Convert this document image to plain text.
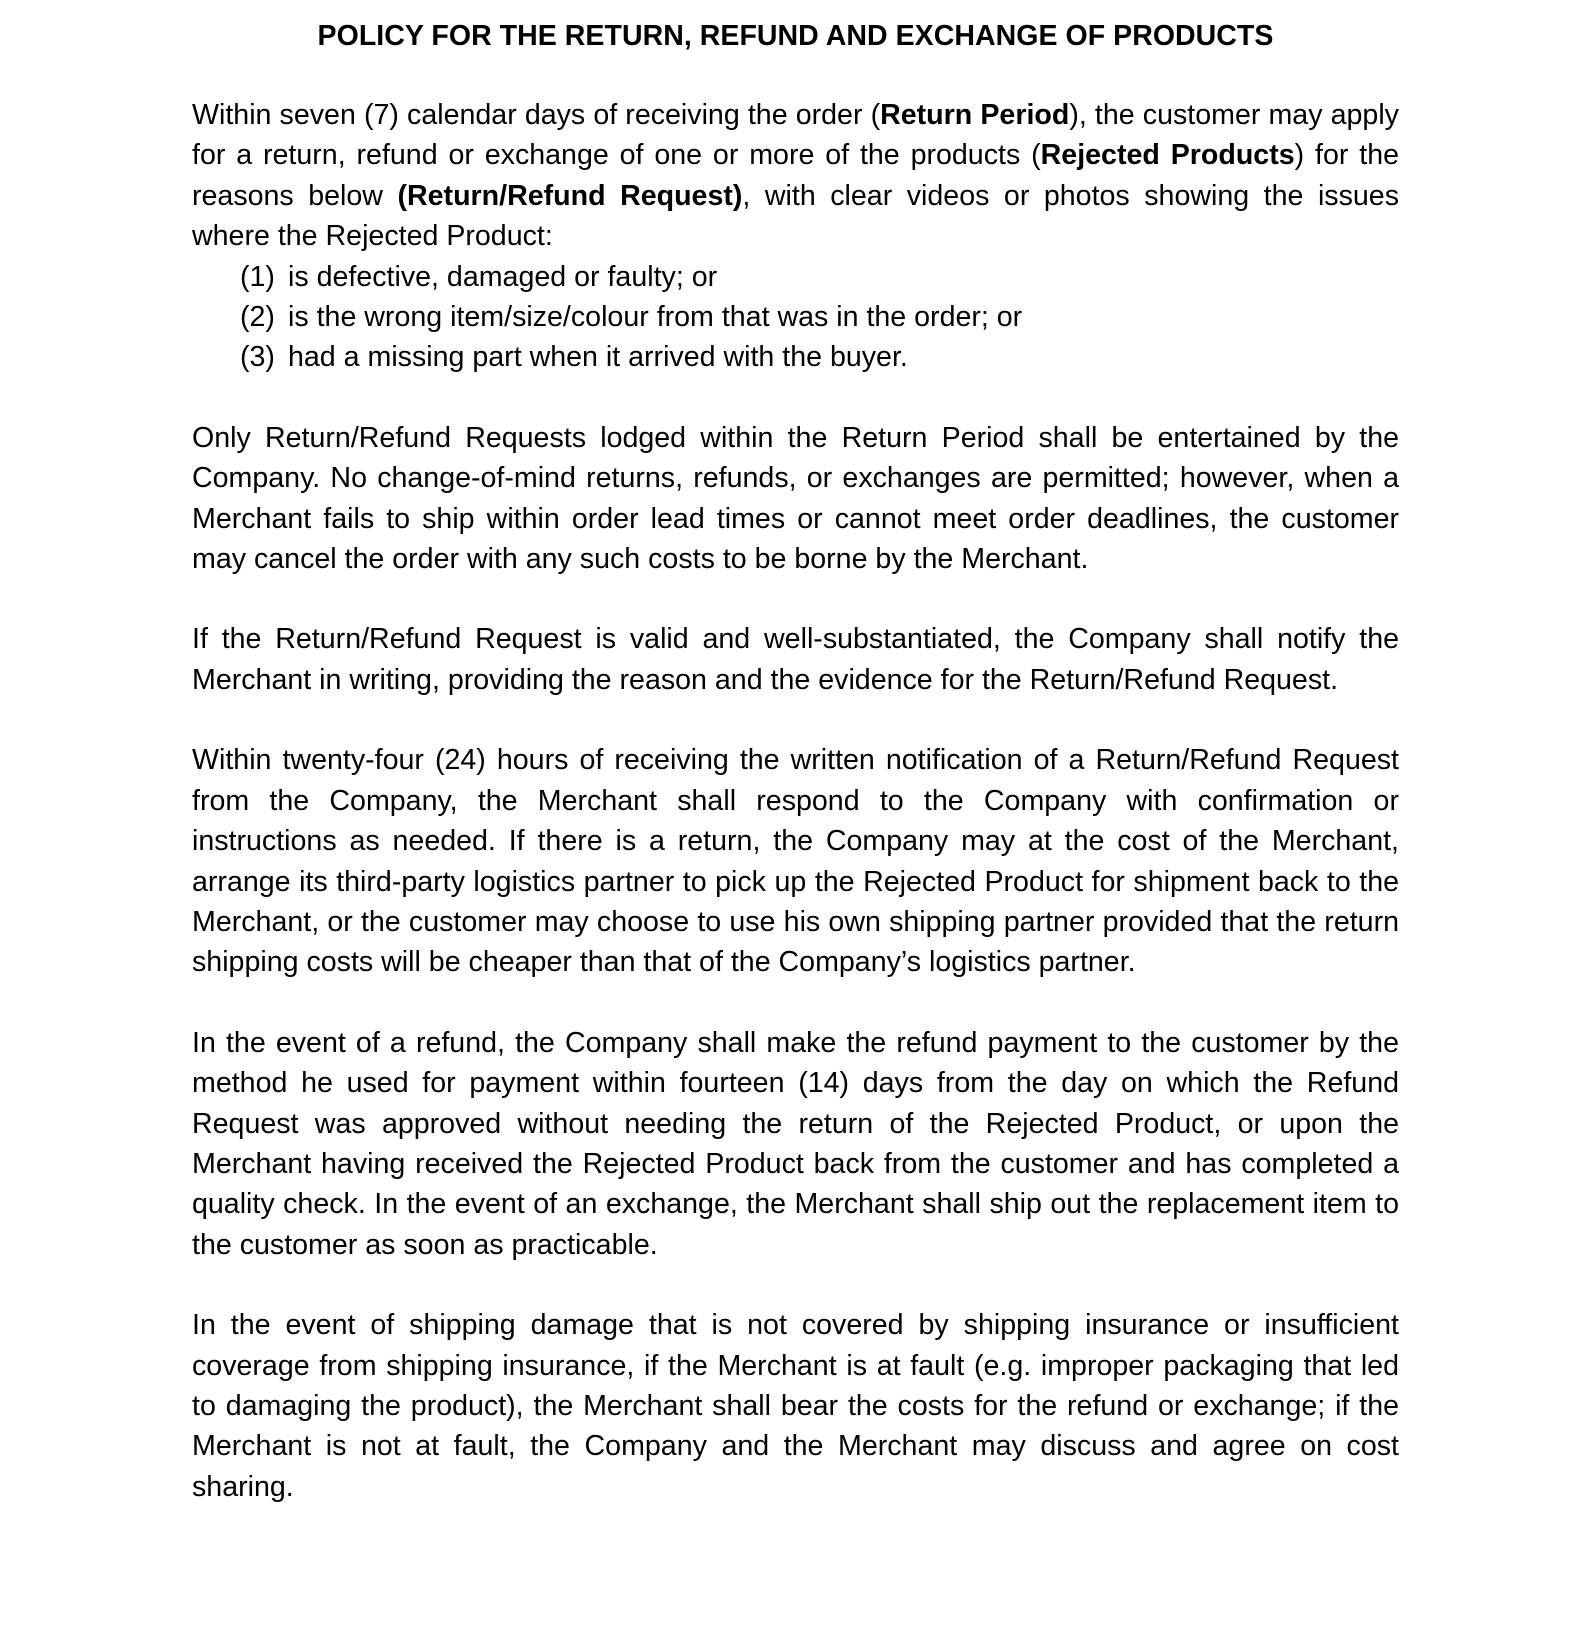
POLICY FOR THE RETURN, REFUND AND EXCHANGE OF PRODUCTS

Within seven (7) calendar days of receiving the order (Return Period), the customer may apply for a return, refund or exchange of one or more of the products (Rejected Products) for the reasons below (Return/Refund Request), with clear videos or photos showing the issues where the Rejected Product:

(1) is defective, damaged or faulty; or
(2) is the wrong item/size/colour from that was in the order; or
(3) had a missing part when it arrived with the buyer.

Only Return/Refund Requests lodged within the Return Period shall be entertained by the Company. No change-of-mind returns, refunds, or exchanges are permitted; however, when a Merchant fails to ship within order lead times or cannot meet order deadlines, the customer may cancel the order with any such costs to be borne by the Merchant.

If the Return/Refund Request is valid and well-substantiated, the Company shall notify the Merchant in writing, providing the reason and the evidence for the Return/Refund Request.

Within twenty-four (24) hours of receiving the written notification of a Return/Refund Request from the Company, the Merchant shall respond to the Company with confirmation or instructions as needed. If there is a return, the Company may at the cost of the Merchant, arrange its third-party logistics partner to pick up the Rejected Product for shipment back to the Merchant, or the customer may choose to use his own shipping partner provided that the return shipping costs will be cheaper than that of the Company’s logistics partner.

In the event of a refund, the Company shall make the refund payment to the customer by the method he used for payment within fourteen (14) days from the day on which the Refund Request was approved without needing the return of the Rejected Product, or upon the Merchant having received the Rejected Product back from the customer and has completed a quality check. In the event of an exchange, the Merchant shall ship out the replacement item to the customer as soon as practicable.

In the event of shipping damage that is not covered by shipping insurance or insufficient coverage from shipping insurance, if the Merchant is at fault (e.g. improper packaging that led to damaging the product), the Merchant shall bear the costs for the refund or exchange; if the Merchant is not at fault, the Company and the Merchant may discuss and agree on cost sharing.
